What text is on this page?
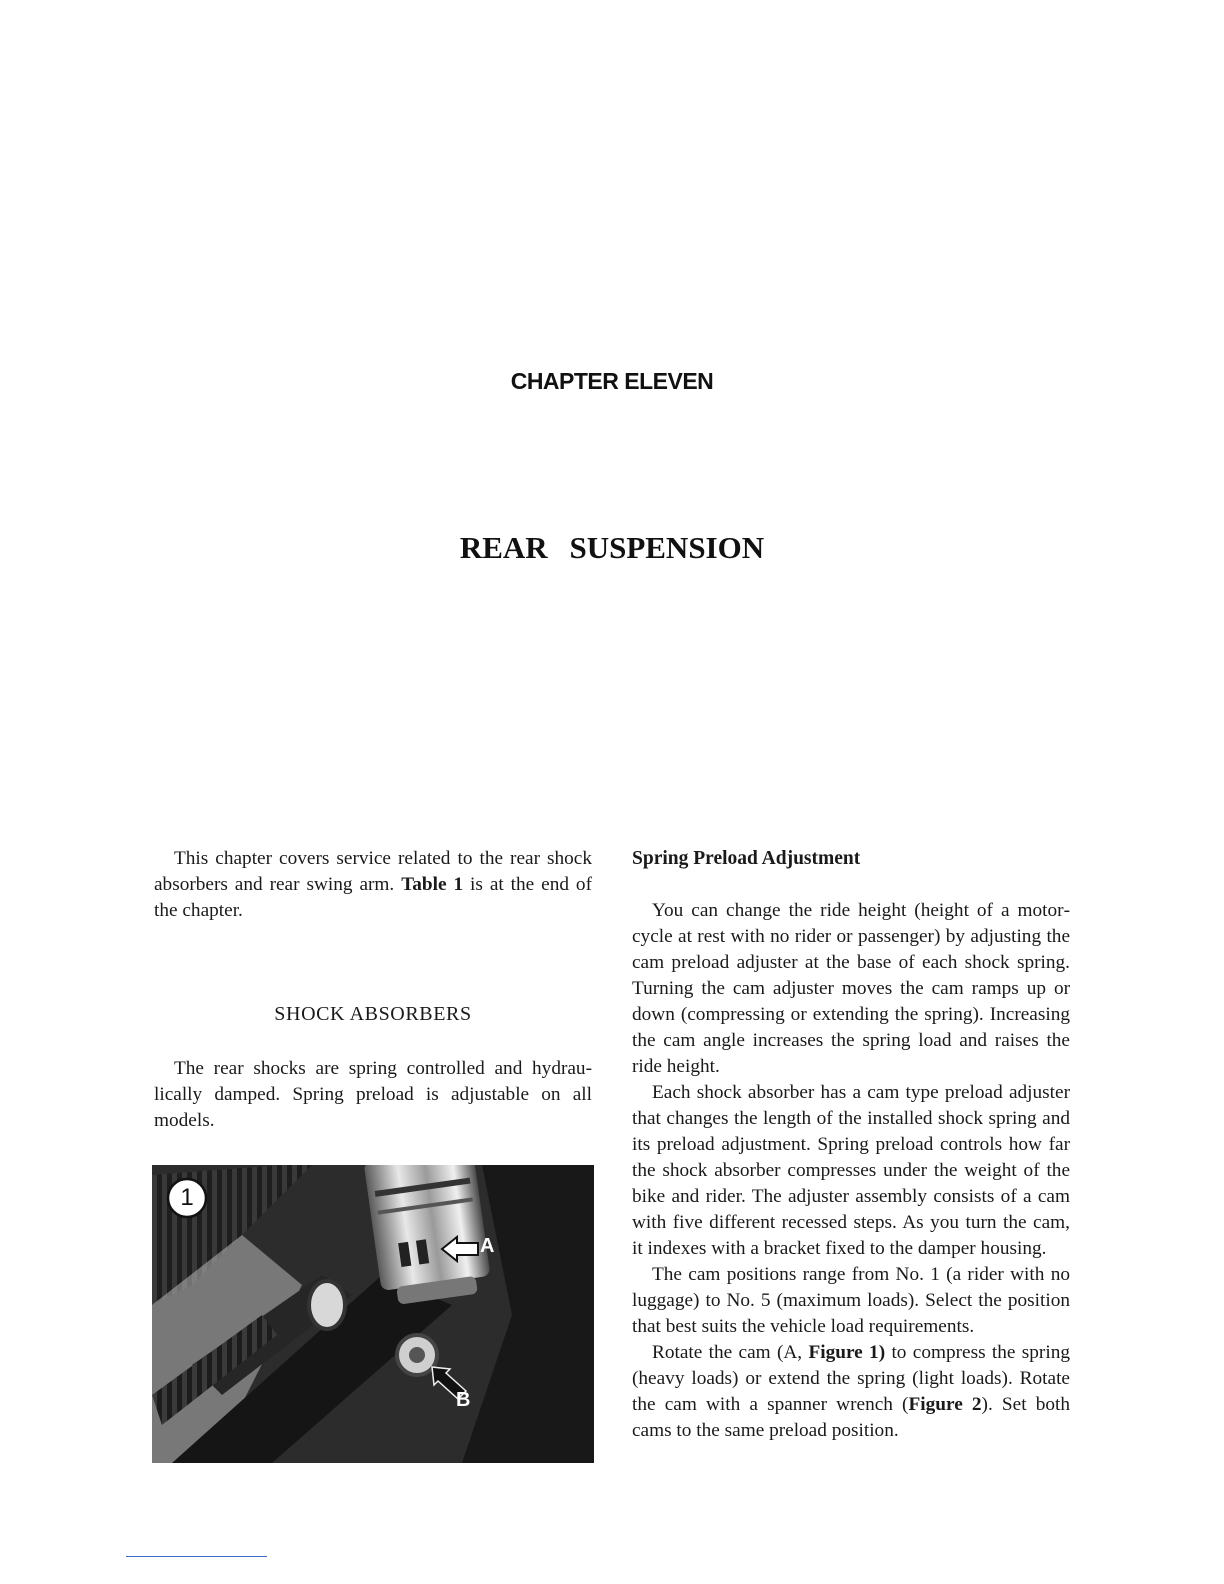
CHAPTER ELEVEN
REAR SUSPENSION

This chapter covers service related to the rear shock absorbers and rear swing arm. Table 1 is at the end of the chapter.

SHOCK ABSORBERS

The rear shocks are spring controlled and hydraulically damped. Spring preload is adjustable on all models.

1
A
B
Spring Preload Adjustment

You can change the ride height (height of a motorcycle at rest with no rider or passenger) by adjusting the cam preload adjuster at the base of each shock spring. Turning the cam adjuster moves the cam ramps up or down (compressing or extending the spring). Increasing the cam angle increases the spring load and raises the ride height.

Each shock absorber has a cam type preload adjuster that changes the length of the installed shock spring and its preload adjustment. Spring preload controls how far the shock absorber compresses under the weight of the bike and rider. The adjuster assembly consists of a cam with five different recessed steps. As you turn the cam, it indexes with a bracket fixed to the damper housing.

The cam positions range from No. 1 (a rider with no luggage) to No. 5 (maximum loads). Select the position that best suits the vehicle load requirements.

Rotate the cam (A, Figure 1) to compress the spring (heavy loads) or extend the spring (light loads). Rotate the cam with a spanner wrench (Figure 2). Set both cams to the same preload position.
